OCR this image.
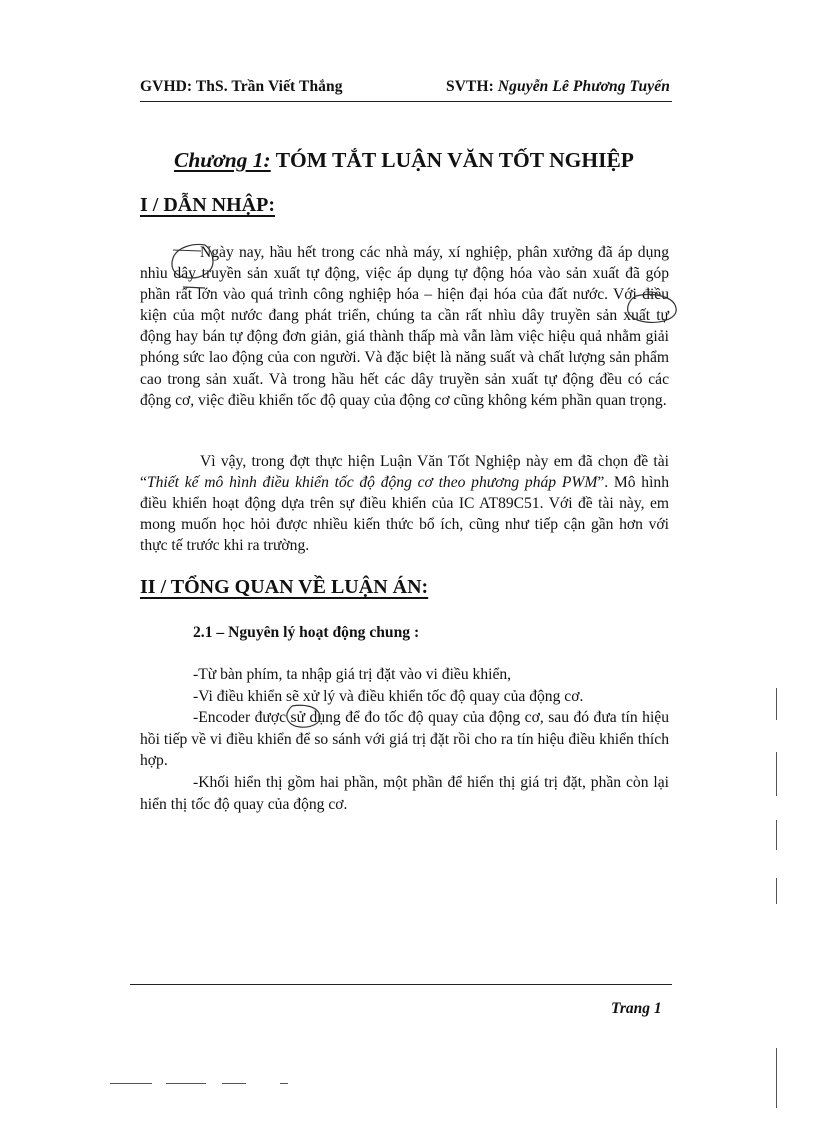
GVHD: ThS. Trần Viết Thắng	SVTH: Nguyễn Lê Phương Tuyến
Chương 1: TÓM TẮT LUẬN VĂN TỐT NGHIỆP
I / DẪN NHẬP:

Ngày nay, hầu hết trong các nhà máy, xí nghiệp, phân xưởng đã áp dụng nhìu dây truyền sản xuất tự động, việc áp dụng tự động hóa vào sản xuất đã góp phần rất lớn vào quá trình công nghiệp hóa – hiện đại hóa của đất nước. Với điều kiện của một nước đang phát triển, chúng ta cần rất nhìu dây truyền sản xuất tự động hay bán tự động đơn giản, giá thành thấp mà vẫn làm việc hiệu quả nhằm giải phóng sức lao động của con người. Và đặc biệt là năng suất và chất lượng sản phẩm cao trong sản xuất. Và trong hầu hết các dây truyền sản xuất tự động đều có các động cơ, việc điều khiển tốc độ quay của động cơ cũng không kém phần quan trọng.

Vì vậy, trong đợt thực hiện Luận Văn Tốt Nghiệp này em đã chọn đề tài “Thiết kế mô hình điều khiển tốc độ động cơ theo phương pháp PWM”. Mô hình điều khiển hoạt động dựa trên sự điều khiển của IC AT89C51. Với đề tài này, em mong muốn học hỏi được nhiều kiến thức bổ ích, cũng như tiếp cận gần hơn với thực tế trước khi ra trường.

II / TỔNG QUAN VỀ LUẬN ÁN:
2.1 – Nguyên lý hoạt động chung :

-Từ bàn phím, ta nhập giá trị đặt vào vi điều khiển,

-Vi điều khiển sẽ xử lý và điều khiển tốc độ quay của động cơ.

-Encoder được sử dụng để đo tốc độ quay của động cơ, sau đó đưa tín hiệu hồi tiếp về vi điều khiển để so sánh với giá trị đặt rồi cho ra tín hiệu điều khiển thích hợp.

-Khối hiển thị gồm hai phần, một phần để hiển thị giá trị đặt, phần còn lại hiển thị tốc độ quay của động cơ.

Trang 1
